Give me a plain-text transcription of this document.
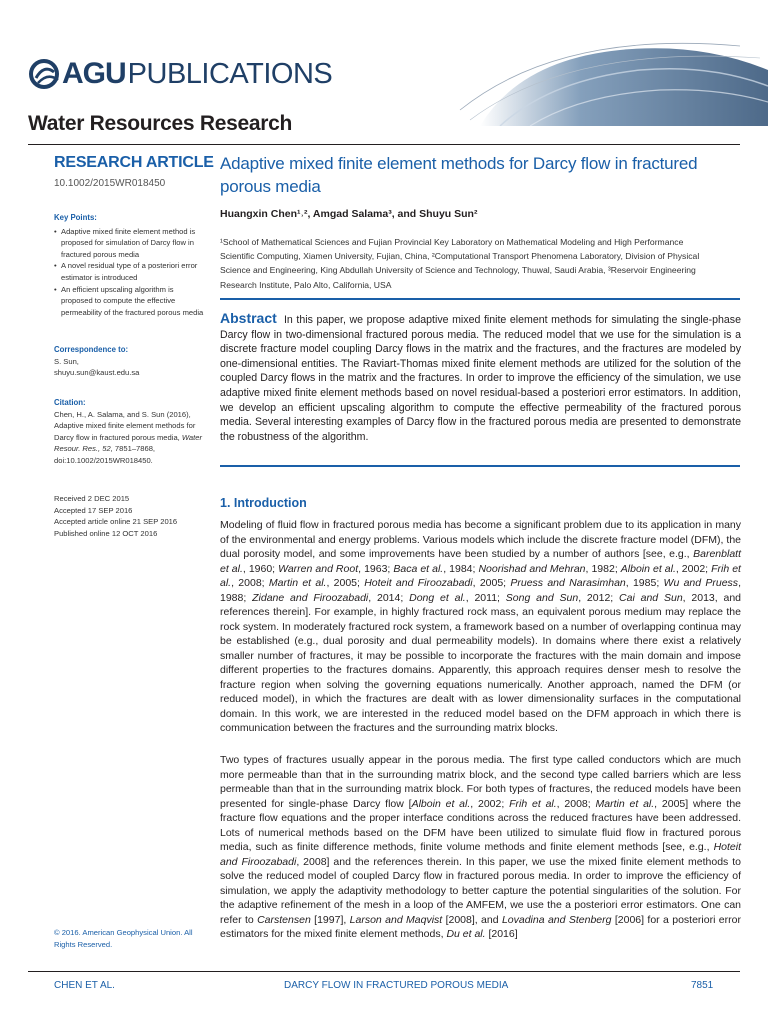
AGU PUBLICATIONS
Water Resources Research
RESEARCH ARTICLE
10.1002/2015WR018450
Adaptive mixed finite element methods for Darcy flow in fractured porous media
Huangxin Chen¹˒², Amgad Salama³, and Shuyu Sun²
¹School of Mathematical Sciences and Fujian Provincial Key Laboratory on Mathematical Modeling and High Performance Scientific Computing, Xiamen University, Fujian, China, ²Computational Transport Phenomena Laboratory, Division of Physical Science and Engineering, King Abdullah University of Science and Technology, Thuwal, Saudi Arabia, ³Reservoir Engineering Research Institute, Palo Alto, California, USA
Key Points:
• Adaptive mixed finite element method is proposed for simulation of Darcy flow in fractured porous media
• A novel residual type of a posteriori error estimator is introduced
• An efficient upscaling algorithm is proposed to compute the effective permeability of the fractured porous media
Correspondence to:
S. Sun,
shuyu.sun@kaust.edu.sa
Citation:
Chen, H., A. Salama, and S. Sun (2016), Adaptive mixed finite element methods for Darcy flow in fractured porous media, Water Resour. Res., 52, 7851–7868, doi:10.1002/2015WR018450.
Received 2 DEC 2015
Accepted 17 SEP 2016
Accepted article online 21 SEP 2016
Published online 12 OCT 2016
© 2016. American Geophysical Union. All Rights Reserved.
Abstract In this paper, we propose adaptive mixed finite element methods for simulating the single-phase Darcy flow in two-dimensional fractured porous media. The reduced model that we use for the simulation is a discrete fracture model coupling Darcy flows in the matrix and the fractures, and the fractures are modeled by one-dimensional entities. The Raviart-Thomas mixed finite element methods are utilized for the solution of the coupled Darcy flows in the matrix and the fractures. In order to improve the efficiency of the simulation, we use adaptive mixed finite element methods based on novel residual-based a posteriori error estimators. In addition, we develop an efficient upscaling algorithm to compute the effective permeability of the fractured porous media. Several interesting examples of Darcy flow in the fractured porous media are presented to demonstrate the robustness of the algorithm.
1. Introduction

Modeling of fluid flow in fractured porous media has become a significant problem due to its application in many of the environmental and energy problems. Various models which include the discrete fracture model (DFM), the dual porosity model, and some improvements have been studied by a number of authors [see, e.g., Barenblatt et al., 1960; Warren and Root, 1963; Baca et al., 1984; Noorishad and Mehran, 1982; Alboin et al., 2002; Frih et al., 2008; Martin et al., 2005; Hoteit and Firoozabadi, 2005; Pruess and Narasimhan, 1985; Wu and Pruess, 1988; Zidane and Firoozabadi, 2014; Dong et al., 2011; Song and Sun, 2012; Cai and Sun, 2013, and references therein]. For example, in highly fractured rock mass, an equivalent porous medium may replace the rock system. In moderately fractured rock system, a framework based on a number of overlapping continua may be established (e.g., dual porosity and dual permeability models). In domains where there exist a relatively smaller number of fractures, it may be possible to incorporate the fractures with the main domain and impose different properties to the fractures domains. Apparently, this approach requires denser mesh to resolve the fracture region when solving the governing equations numerically. Another approach, named the DFM (or reduced model), in which the fractures are dealt with as lower dimensionality surfaces in the computational domain. In this work, we are interested in the reduced model based on the DFM approach in which there is communication between the fractures and the surrounding matrix blocks.

Two types of fractures usually appear in the porous media. The first type called conductors which are much more permeable than that in the surrounding matrix block, and the second type called barriers which are less permeable than that in the surrounding matrix block. For both types of fractures, the reduced models have been presented for single-phase Darcy flow [Alboin et al., 2002; Frih et al., 2008; Martin et al., 2005] where the fracture flow equations and the proper interface conditions across the reduced fractures have been addressed. Lots of numerical methods based on the DFM have been utilized to simulate fluid flow in fractured porous media, such as finite difference methods, finite volume methods and finite element methods [see, e.g., Hoteit and Firoozabadi, 2008] and the references therein. In this paper, we use the mixed finite element methods to solve the reduced model of coupled Darcy flow in fractured porous media. In order to improve the efficiency of simulation, we apply the adaptivity methodology to better capture the potential singularities of the solution. For the adaptive refinement of the mesh in a loop of the AMFEM, we use the a posteriori error estimators. One can refer to Carstensen [1997], Larson and Maqvist [2008], and Lovadina and Stenberg [2006] for a posteriori error estimators for the mixed finite element methods, Du et al. [2016]

CHEN ET AL.	DARCY FLOW IN FRACTURED POROUS MEDIA	7851
